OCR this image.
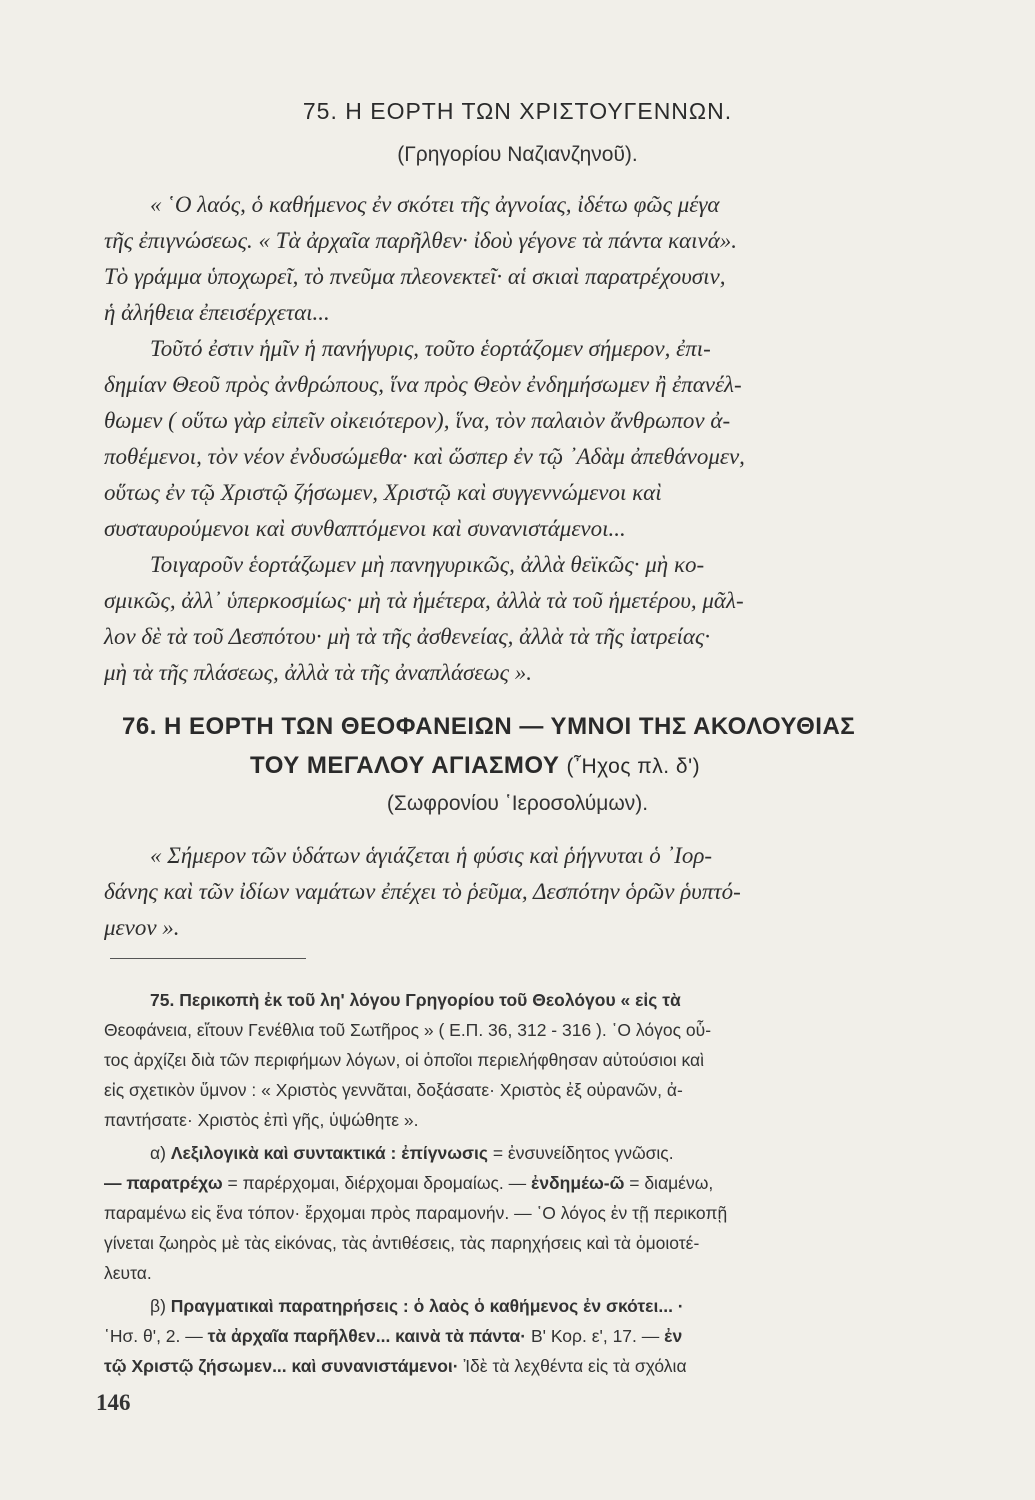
75. Η ΕΟΡΤΗ ΤΩΝ ΧΡΙΣΤΟΥΓΕΝΝΩΝ.
(Γρηγορίου Ναζιανζηνοῦ).
« ῾Ο λαός, ὁ καθήμενος ἐν σκότει τῆς ἀγνοίας, ἰδέτω φῶς μέγα
τῆς ἐπιγνώσεως. « Τὰ ἀρχαῖα παρῆλθεν· ἰδοὺ γέγονε τὰ πάντα καινά».
Τὸ γράμμα ὑποχωρεῖ, τὸ πνεῦμα πλεονεκτεῖ· αἱ σκιαὶ παρατρέχουσιν,
ἡ ἀλήθεια ἐπεισέρχεται...
Τοῦτό ἐστιν ἡμῖν ἡ πανήγυρις, τοῦτο ἑορτάζομεν σήμερον, ἐπι-
δημίαν Θεοῦ πρὸς ἀνθρώπους, ἵνα πρὸς Θεὸν ἐνδημήσωμεν ἢ ἐπανέλ-
θωμεν ( οὕτω γὰρ εἰπεῖν οἰκειότερον), ἵνα, τὸν παλαιὸν ἄνθρωπον ἀ-
ποθέμενοι, τὸν νέον ἐνδυσώμεθα· καὶ ὥσπερ ἐν τῷ ᾿Αδὰμ ἀπεθάνομεν,
οὕτως ἐν τῷ Χριστῷ ζήσωμεν, Χριστῷ καὶ συγγεννώμενοι καὶ
συσταυρούμενοι καὶ συνθαπτόμενοι καὶ συνανιστάμενοι...
Τοιγαροῦν ἑορτάζωμεν μὴ πανηγυρικῶς, ἀλλὰ θεϊκῶς· μὴ κο-
σμικῶς, ἀλλ᾿ ὑπερκοσμίως· μὴ τὰ ἡμέτερα, ἀλλὰ τὰ τοῦ ἡμετέρου, μᾶλ-
λον δὲ τὰ τοῦ Δεσπότου· μὴ τὰ τῆς ἀσθενείας, ἀλλὰ τὰ τῆς ἰατρείας·
μὴ τὰ τῆς πλάσεως, ἀλλὰ τὰ τῆς ἀναπλάσεως ».
76. Η ΕΟΡΤΗ ΤΩΝ ΘΕΟΦΑΝΕΙΩΝ — ΥΜΝΟΙ ΤΗΣ ΑΚΟΛΟΥΘΙΑΣ
ΤΟΥ ΜΕΓΑΛΟΥ ΑΓΙΑΣΜΟΥ (῏Ηχος πλ. δ')
(Σωφρονίου ῾Ιεροσολύμων).
« Σήμερον τῶν ὑδάτων ἁγιάζεται ἡ φύσις καὶ ῥήγνυται ὁ ᾿Ιορ-
δάνης καὶ τῶν ἰδίων ναμάτων ἐπέχει τὸ ῥεῦμα, Δεσπότην ὁρῶν ῥυπτό-
μενον ».
75. Περικοπὴ ἐκ τοῦ λη' λόγου Γρηγορίου τοῦ Θεολόγου « εἰς τὰ
Θεοφάνεια, εἴτουν Γενέθλια τοῦ Σωτῆρος » ( Ε.Π. 36, 312 - 316 ). ῾Ο λόγος οὗ-
τος ἀρχίζει διὰ τῶν περιφήμων λόγων, οἱ ὁποῖοι περιελήφθησαν αὐτούσιοι καὶ
εἰς σχετικὸν ὕμνον : « Χριστὸς γεννᾶται, δοξάσατε· Χριστὸς ἐξ οὐρανῶν, ἀ-
παντήσατε· Χριστὸς ἐπὶ γῆς, ὑψώθητε ».
α) Λεξιλογικὰ καὶ συντακτικά : ἐπίγνωσις = ἐνσυνείδητος γνῶσις.
— παρατρέχω = παρέρχομαι, διέρχομαι δρομαίως. — ἐνδημέω-ῶ = διαμένω,
παραμένω εἰς ἕνα τόπον· ἔρχομαι πρὸς παραμονήν. — ῾Ο λόγος ἐν τῇ περικοπῇ
γίνεται ζωηρὸς μὲ τὰς εἰκόνας, τὰς ἀντιθέσεις, τὰς παρηχήσεις καὶ τὰ ὁμοιοτέ-
λευτα.
β) Πραγματικαὶ παρατηρήσεις : ὁ λαὸς ὁ καθήμενος ἐν σκότει... ·
῾Ησ. θ', 2. — τὰ ἀρχαῖα παρῆλθεν... καινὰ τὰ πάντα· Β' Κορ. ε', 17. — ἐν
τῷ Χριστῷ ζήσωμεν... καὶ συνανιστάμενοι· Ἰδὲ τὰ λεχθέντα εἰς τὰ σχόλια
146
